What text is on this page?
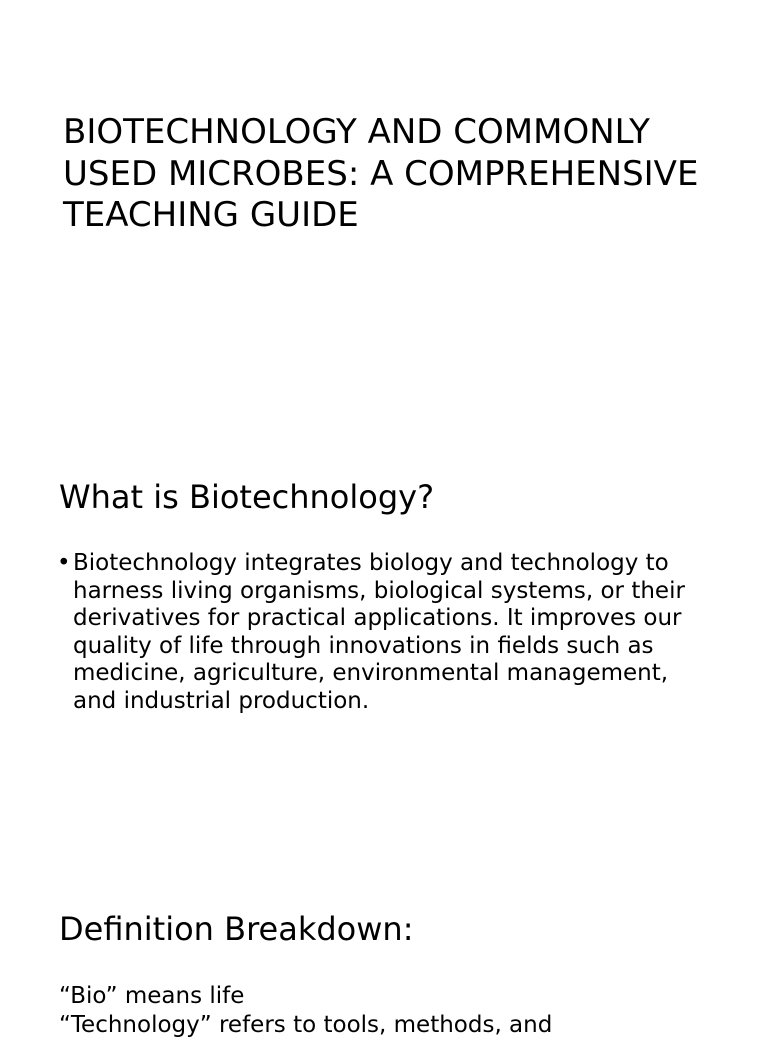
BIOTECHNOLOGY AND COMMONLY USED MICROBES: A COMPREHENSIVE TEACHING GUIDE
What is Biotechnology?
• Biotechnology integrates biology and technology to harness living organisms, biological systems, or their derivatives for practical applications. It improves our quality of life through innovations in fields such as medicine, agriculture, environmental management, and industrial production.
Definition Breakdown:
“Bio” means life
“Technology” refers to tools, methods, and
